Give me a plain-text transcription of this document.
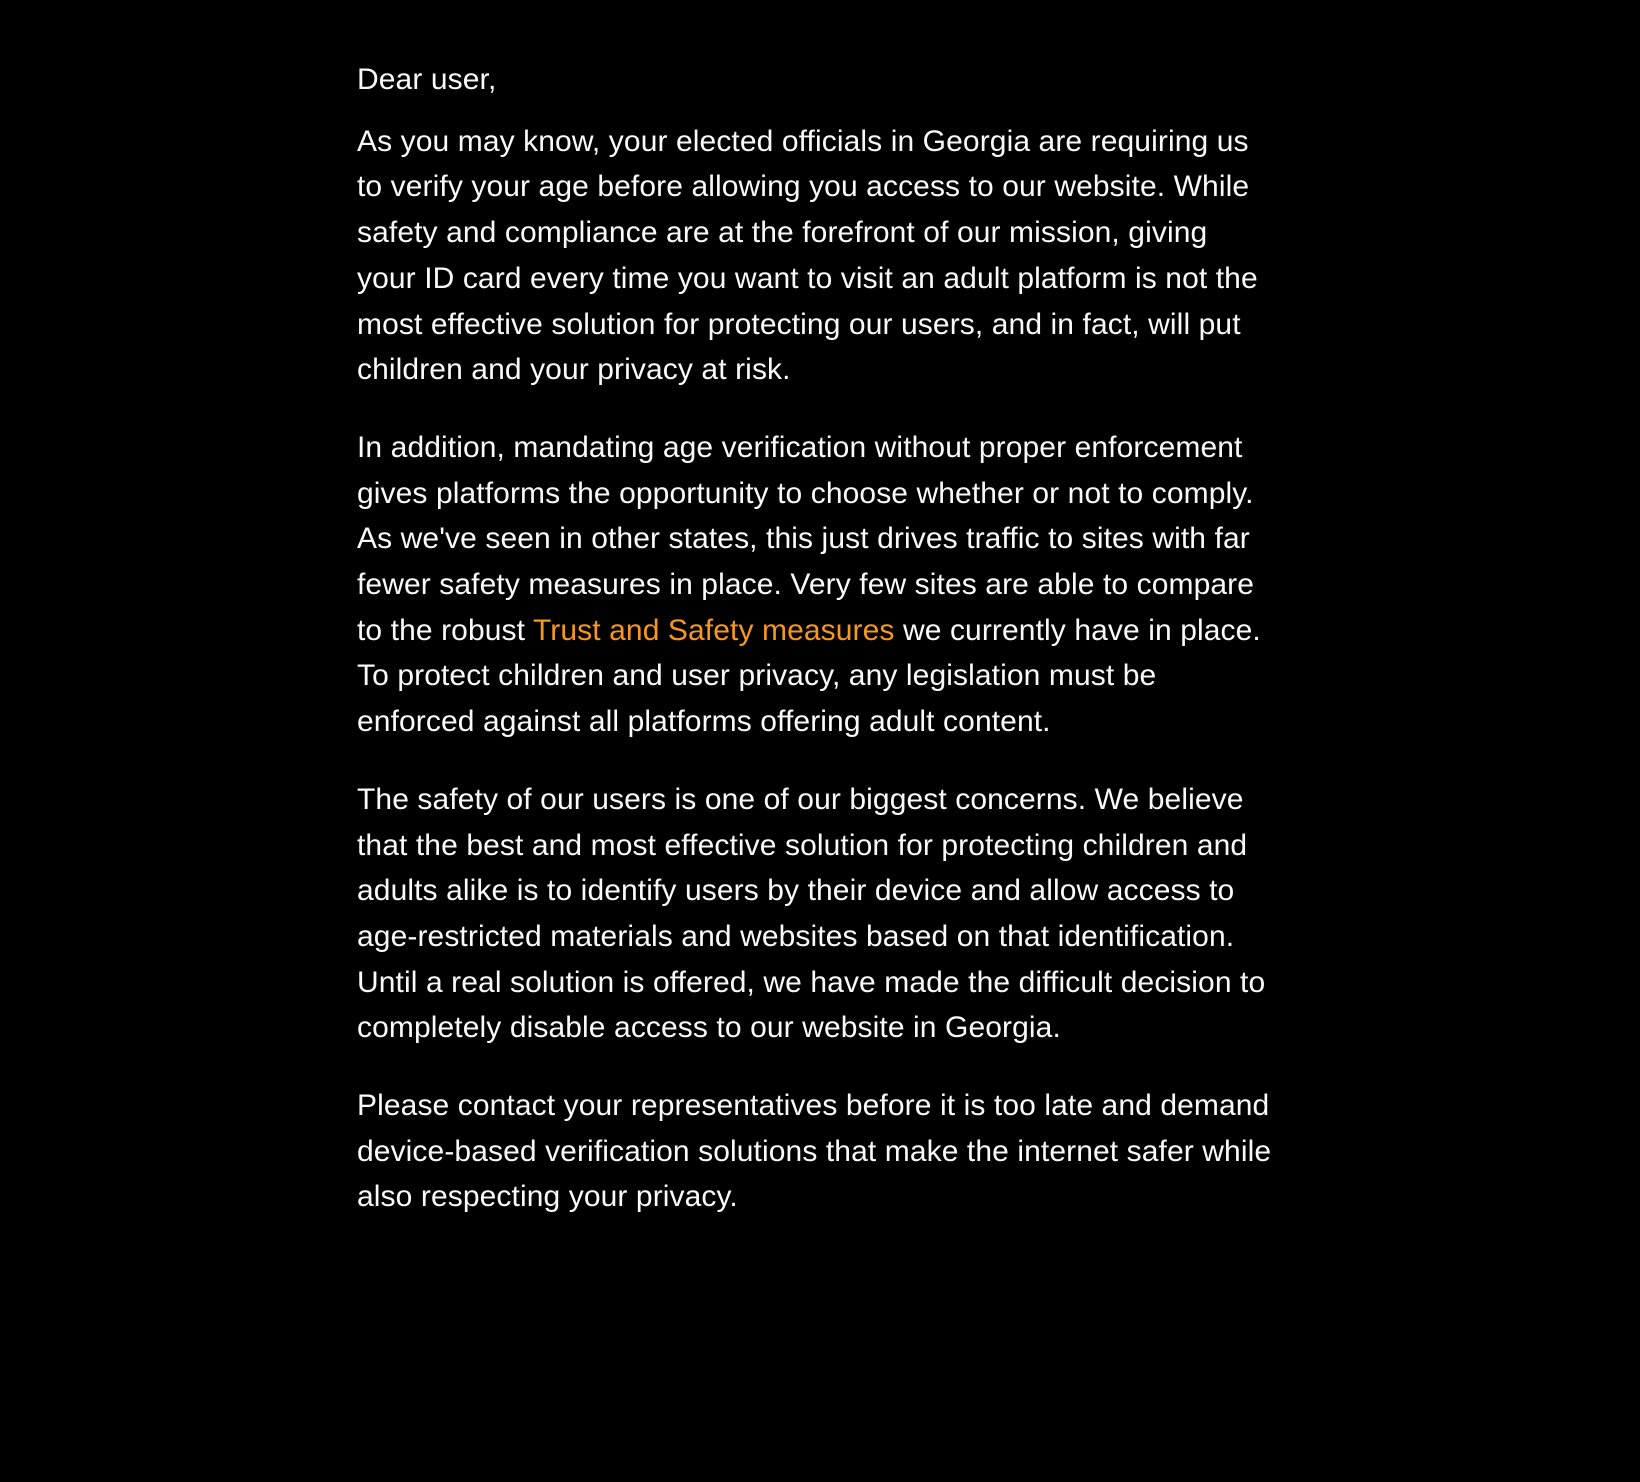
Dear user,

As you may know, your elected officials in Georgia are requiring us to verify your age before allowing you access to our website. While safety and compliance are at the forefront of our mission, giving your ID card every time you want to visit an adult platform is not the most effective solution for protecting our users, and in fact, will put children and your privacy at risk.

In addition, mandating age verification without proper enforcement gives platforms the opportunity to choose whether or not to comply. As we've seen in other states, this just drives traffic to sites with far fewer safety measures in place. Very few sites are able to compare to the robust Trust and Safety measures we currently have in place. To protect children and user privacy, any legislation must be enforced against all platforms offering adult content.

The safety of our users is one of our biggest concerns. We believe that the best and most effective solution for protecting children and adults alike is to identify users by their device and allow access to age-restricted materials and websites based on that identification. Until a real solution is offered, we have made the difficult decision to completely disable access to our website in Georgia.

Please contact your representatives before it is too late and demand device-based verification solutions that make the internet safer while also respecting your privacy.
